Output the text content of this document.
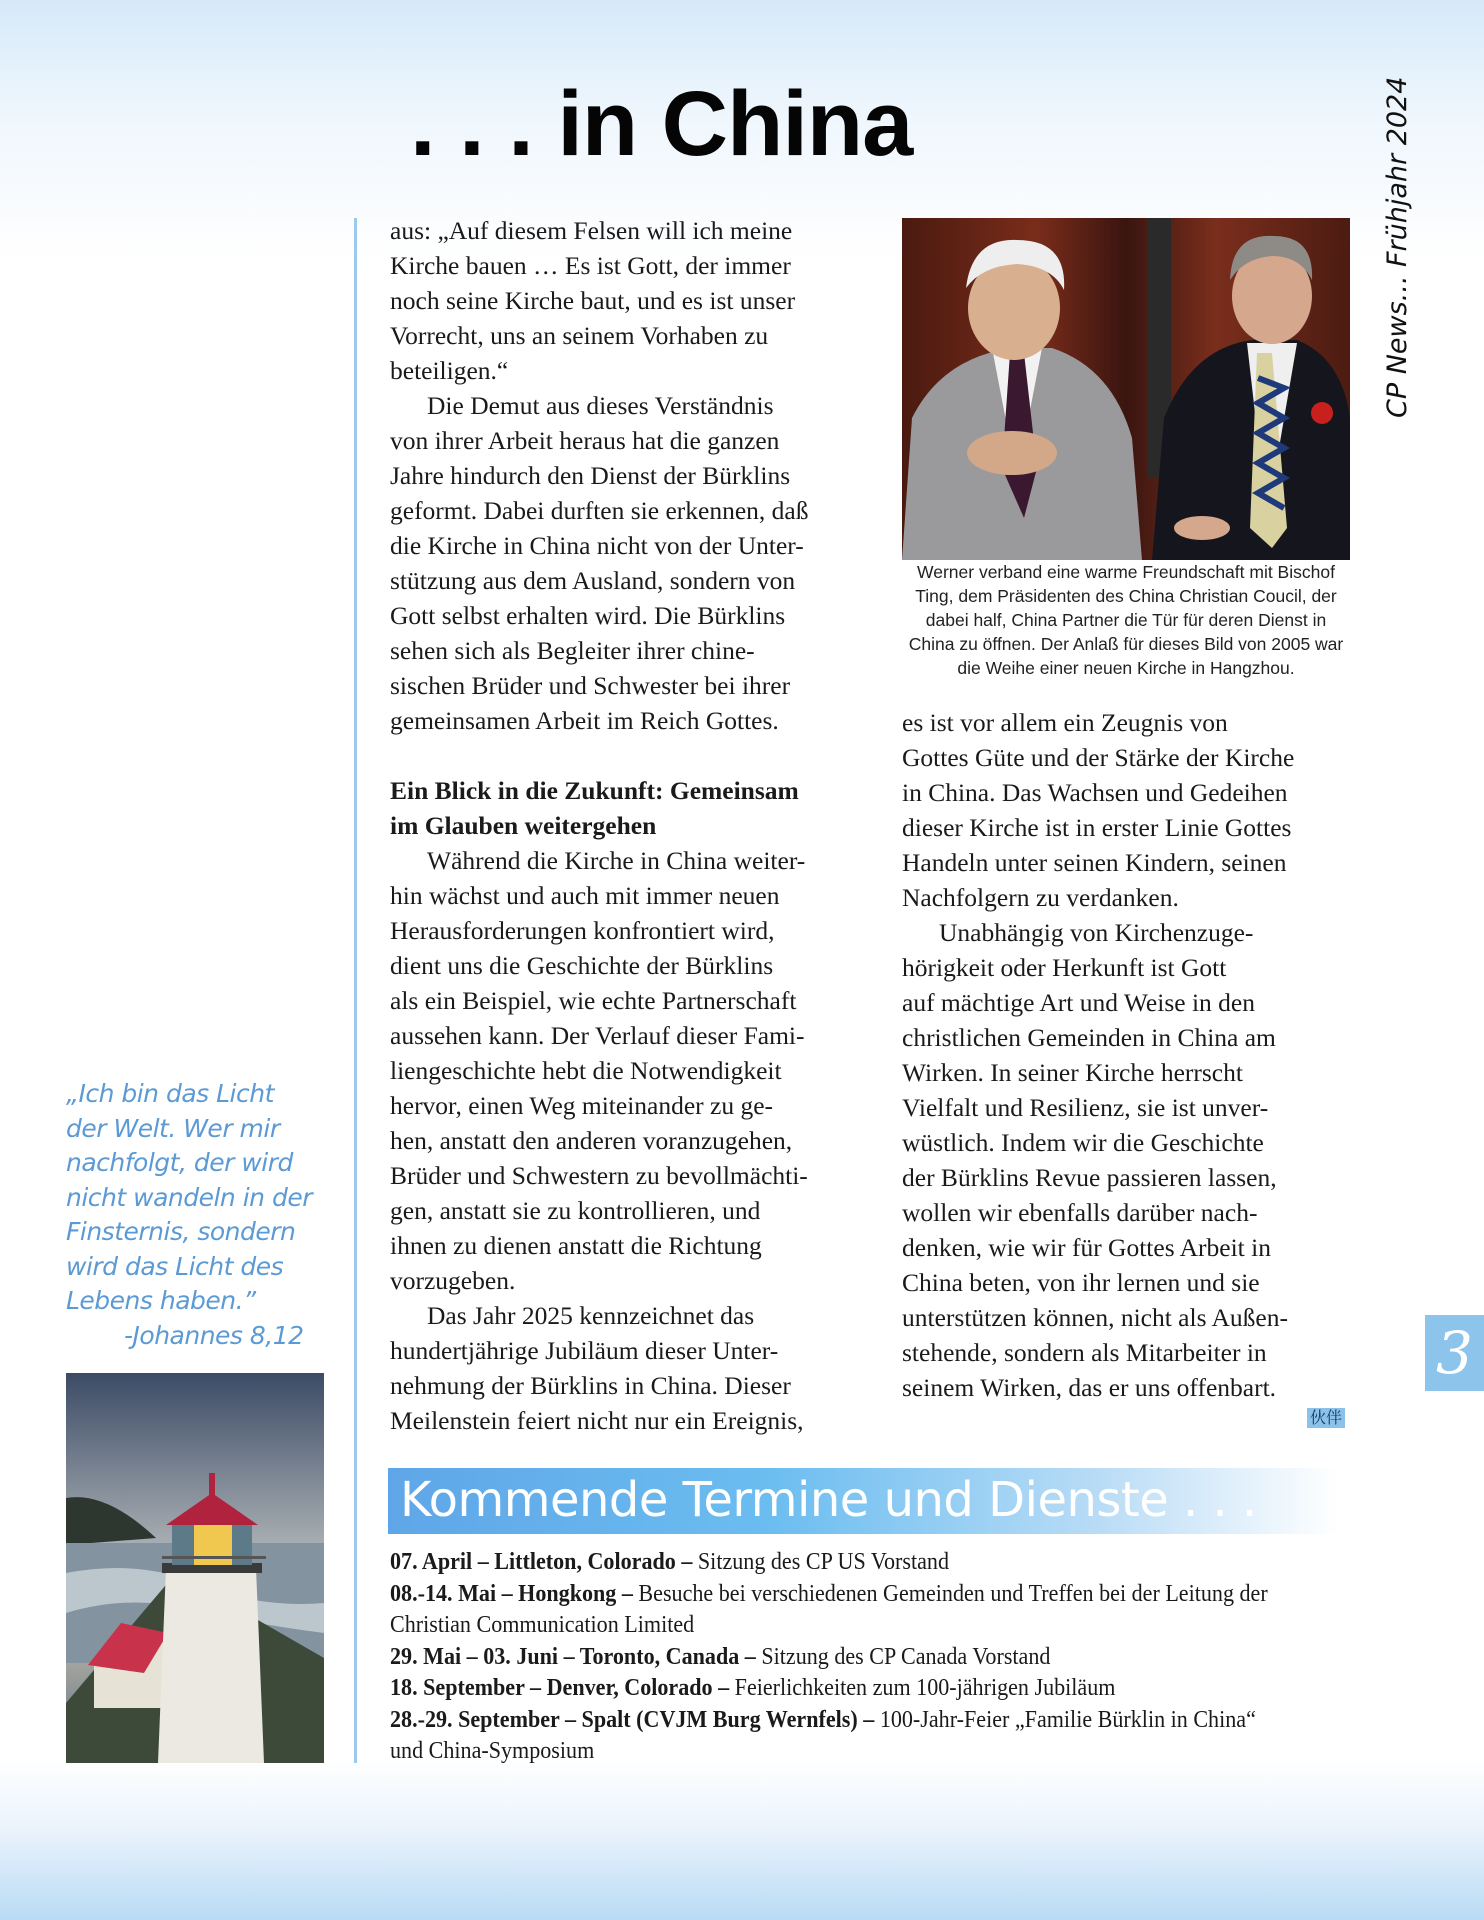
. . . in China	CP News... Frühjahr 2024
aus: „Auf diesem Felsen will ich meine
Kirche bauen … Es ist Gott, der immer
noch seine Kirche baut, und es ist unser
Vorrecht, uns an seinem Vorhaben zu
beteiligen.“
Die Demut aus dieses Verständnis
von ihrer Arbeit heraus hat die ganzen
Jahre hindurch den Dienst der Bürklins
geformt. Dabei durften sie erkennen, daß
die Kirche in China nicht von der Unter-
stützung aus dem Ausland, sondern von
Gott selbst erhalten wird. Die Bürklins
sehen sich als Begleiter ihrer chine-
sischen Brüder und Schwester bei ihrer
gemeinsamen Arbeit im Reich Gottes.
Ein Blick in die Zukunft: Gemeinsam
im Glauben weitergehen
Während die Kirche in China weiter-
hin wächst und auch mit immer neuen
Herausforderungen konfrontiert wird,
dient uns die Geschichte der Bürklins
als ein Beispiel, wie echte Partnerschaft
aussehen kann. Der Verlauf dieser Fami-
liengeschichte hebt die Notwendigkeit
hervor, einen Weg miteinander zu ge-
hen, anstatt den anderen voranzugehen,
Brüder und Schwestern zu bevollmächti-
gen, anstatt sie zu kontrollieren, und
ihnen zu dienen anstatt die Richtung
vorzugeben.
Das Jahr 2025 kennzeichnet das
hundertjährige Jubiläum dieser Unter-
nehmung der Bürklins in China. Dieser
Meilenstein feiert nicht nur ein Ereignis,
Werner verband eine warme Freundschaft mit Bischof
Ting, dem Präsidenten des China Christian Coucil, der
dabei half, China Partner die Tür für deren Dienst in
China zu öffnen. Der Anlaß für dieses Bild von 2005 war
die Weihe einer neuen Kirche in Hangzhou.
es ist vor allem ein Zeugnis von
Gottes Güte und der Stärke der Kirche
in China. Das Wachsen und Gedeihen
dieser Kirche ist in erster Linie Gottes
Handeln unter seinen Kindern, seinen
Nachfolgern zu verdanken.
Unabhängig von Kirchenzuge-
hörigkeit oder Herkunft ist Gott
auf mächtige Art und Weise in den
christlichen Gemeinden in China am
Wirken. In seiner Kirche herrscht
Vielfalt und Resilienz, sie ist unver-
wüstlich. Indem wir die Geschichte
der Bürklins Revue passieren lassen,
wollen wir ebenfalls darüber nach-
denken, wie wir für Gottes Arbeit in
China beten, von ihr lernen und sie
unterstützen können, nicht als Außen-
stehende, sondern als Mitarbeiter in
seinem Wirken, das er uns offenbart.
伙伴
„Ich bin das Licht
der Welt. Wer mir
nachfolgt, der wird
nicht wandeln in der
Finsternis, sondern
wird das Licht des
Lebens haben.”
-Johannes 8,12	3
Kommende Termine und Dienste . . .
07. April – Littleton, Colorado – Sitzung des CP US Vorstand
08.-14. Mai – Hongkong – Besuche bei verschiedenen Gemeinden und Treffen bei der Leitung der Christian Communication Limited
29. Mai – 03. Juni – Toronto, Canada – Sitzung des CP Canada Vorstand
18. September – Denver, Colorado – Feierlichkeiten zum 100-jährigen Jubiläum
28.-29. September – Spalt (CVJM Burg Wernfels) – 100-Jahr-Feier „Familie Bürklin in China“ und China-Symposium
